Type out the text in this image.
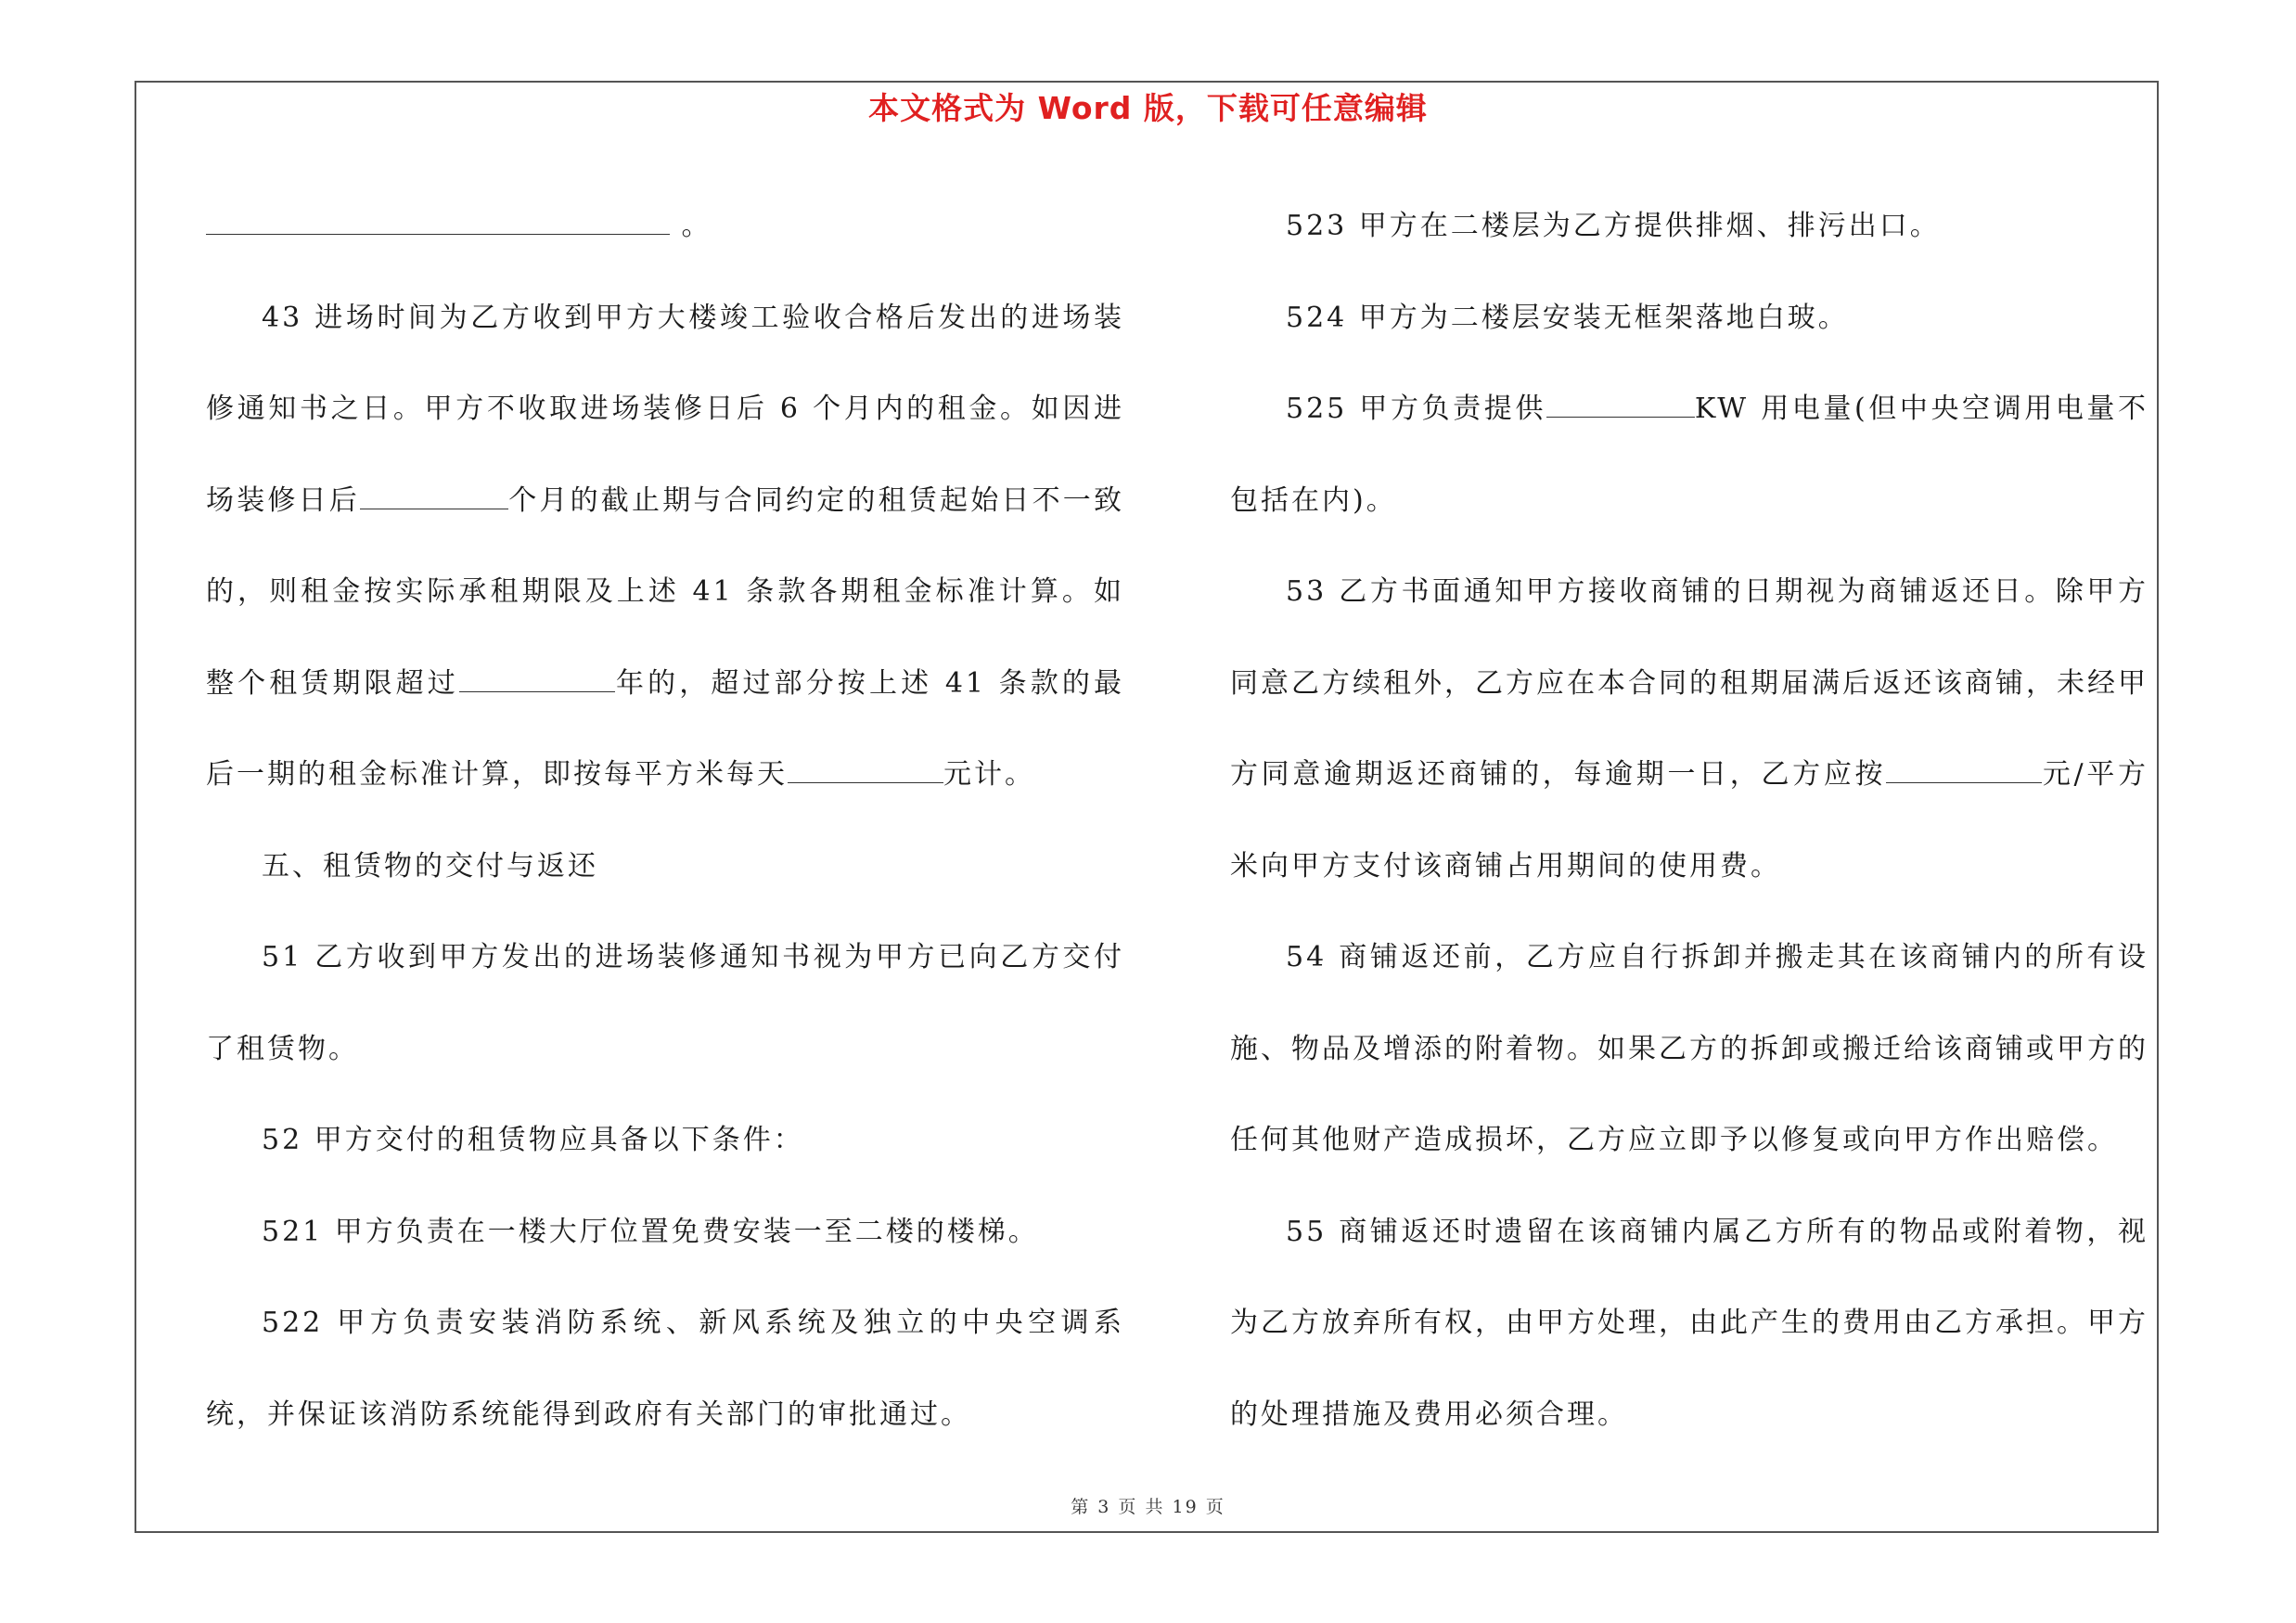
本文格式为 Word 版，下载可任意编辑

。

43 进场时间为乙方收到甲方大楼竣工验收合格后发出的进场装修通知书之日。甲方不收取进场装修日后 6 个月内的租金。如因进场装修日后	个月的截止期与合同约定的租赁起始日不一致的，则租金按实际承租期限及上述 41 条款各期租金标准计算。如整个租赁期限超过	年的，超过部分按上述 41 条款的最后一期的租金标准计算，即按每平方米每天	元计。

五、租赁物的交付与返还

51 乙方收到甲方发出的进场装修通知书视为甲方已向乙方交付了租赁物。

52 甲方交付的租赁物应具备以下条件：

521 甲方负责在一楼大厅位置免费安装一至二楼的楼梯。

522 甲方负责安装消防系统、新风系统及独立的中央空调系统，并保证该消防系统能得到政府有关部门的审批通过。

523 甲方在二楼层为乙方提供排烟、排污出口。

524 甲方为二楼层安装无框架落地白玻。

525 甲方负责提供	KW 用电量(但中央空调用电量不包括在内)。

53 乙方书面通知甲方接收商铺的日期视为商铺返还日。除甲方同意乙方续租外，乙方应在本合同的租期届满后返还该商铺，未经甲方同意逾期返还商铺的，每逾期一日，乙方应按	元/平方米向甲方支付该商铺占用期间的使用费。

54 商铺返还前，乙方应自行拆卸并搬走其在该商铺内的所有设施、物品及增添的附着物。如果乙方的拆卸或搬迁给该商铺或甲方的任何其他财产造成损坏，乙方应立即予以修复或向甲方作出赔偿。

55 商铺返还时遗留在该商铺内属乙方所有的物品或附着物，视为乙方放弃所有权，由甲方处理，由此产生的费用由乙方承担。甲方的处理措施及费用必须合理。

第 3 页 共 19 页
